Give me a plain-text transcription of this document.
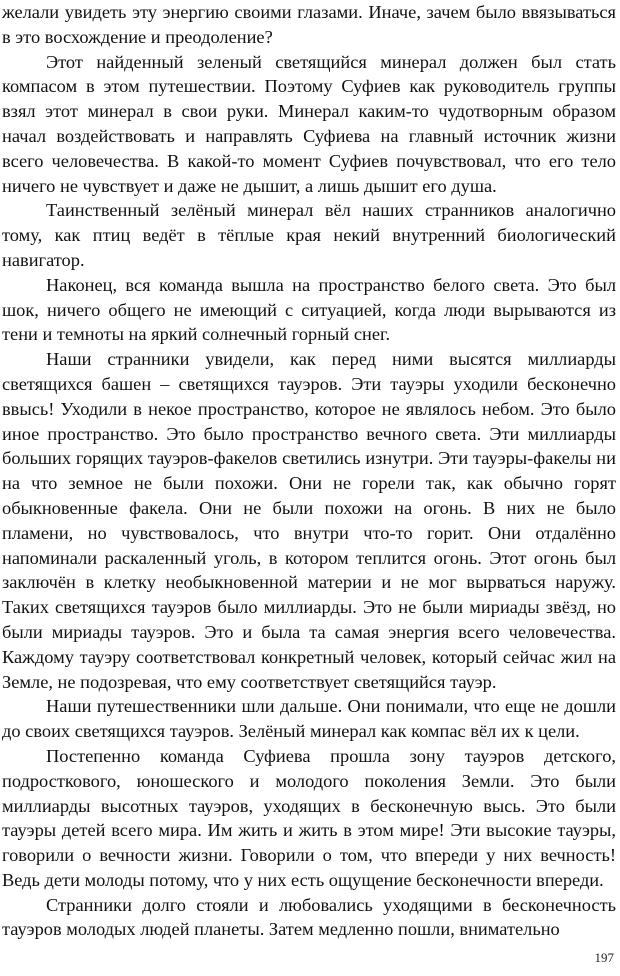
желали увидеть эту энергию своими глазами. Иначе, зачем было ввязываться в это восхождение и преодоление?

Этот найденный зеленый светящийся минерал должен был стать компасом в этом путешествии. Поэтому Суфиев как руководитель группы взял этот минерал в свои руки. Минерал каким-то чудотворным образом начал воздействовать и направлять Суфиева на главный источник жизни всего человечества. В какой-то момент Суфиев почувствовал, что его тело ничего не чувствует и даже не дышит, а лишь дышит его душа.

Таинственный зелёный минерал вёл наших странников аналогично тому, как птиц ведёт в тёплые края некий внутренний биологический навигатор.

Наконец, вся команда вышла на пространство белого света. Это был шок, ничего общего не имеющий с ситуацией, когда люди вырываются из тени и темноты на яркий солнечный горный снег.

Наши странники увидели, как перед ними высятся миллиарды светящихся башен – светящихся тауэров. Эти тауэры уходили бесконечно ввысь! Уходили в некое пространство, которое не являлось небом. Это было иное пространство. Это было пространство вечного света. Эти миллиарды больших горящих тауэров-факелов светились изнутри. Эти тауэры-факелы ни на что земное не были похожи. Они не горели так, как обычно горят обыкновенные факела. Они не были похожи на огонь. В них не было пламени, но чувствовалось, что внутри что-то горит. Они отдалённо напоминали раскаленный уголь, в котором теплится огонь. Этот огонь был заключён в клетку необыкновенной материи и не мог вырваться наружу. Таких светящихся тауэров было миллиарды. Это не были мириады звёзд, но были мириады тауэров. Это и была та самая энергия всего человечества. Каждому тауэру соответствовал конкретный человек, который сейчас жил на Земле, не подозревая, что ему соответствует светящийся тауэр.

Наши путешественники шли дальше. Они понимали, что еще не дошли до своих светящихся тауэров. Зелёный минерал как компас вёл их к цели.

Постепенно команда Суфиева прошла зону тауэров детского, подросткового, юношеского и молодого поколения Земли. Это были миллиарды высотных тауэров, уходящих в бесконечную высь. Это были тауэры детей всего мира. Им жить и жить в этом мире! Эти высокие тауэры, говорили о вечности жизни. Говорили о том, что впереди у них вечность! Ведь дети молоды потому, что у них есть ощущение бесконечности впереди.

Странники долго стояли и любовались уходящими в бесконечность тауэров молодых людей планеты. Затем медленно пошли, внимательно

197
